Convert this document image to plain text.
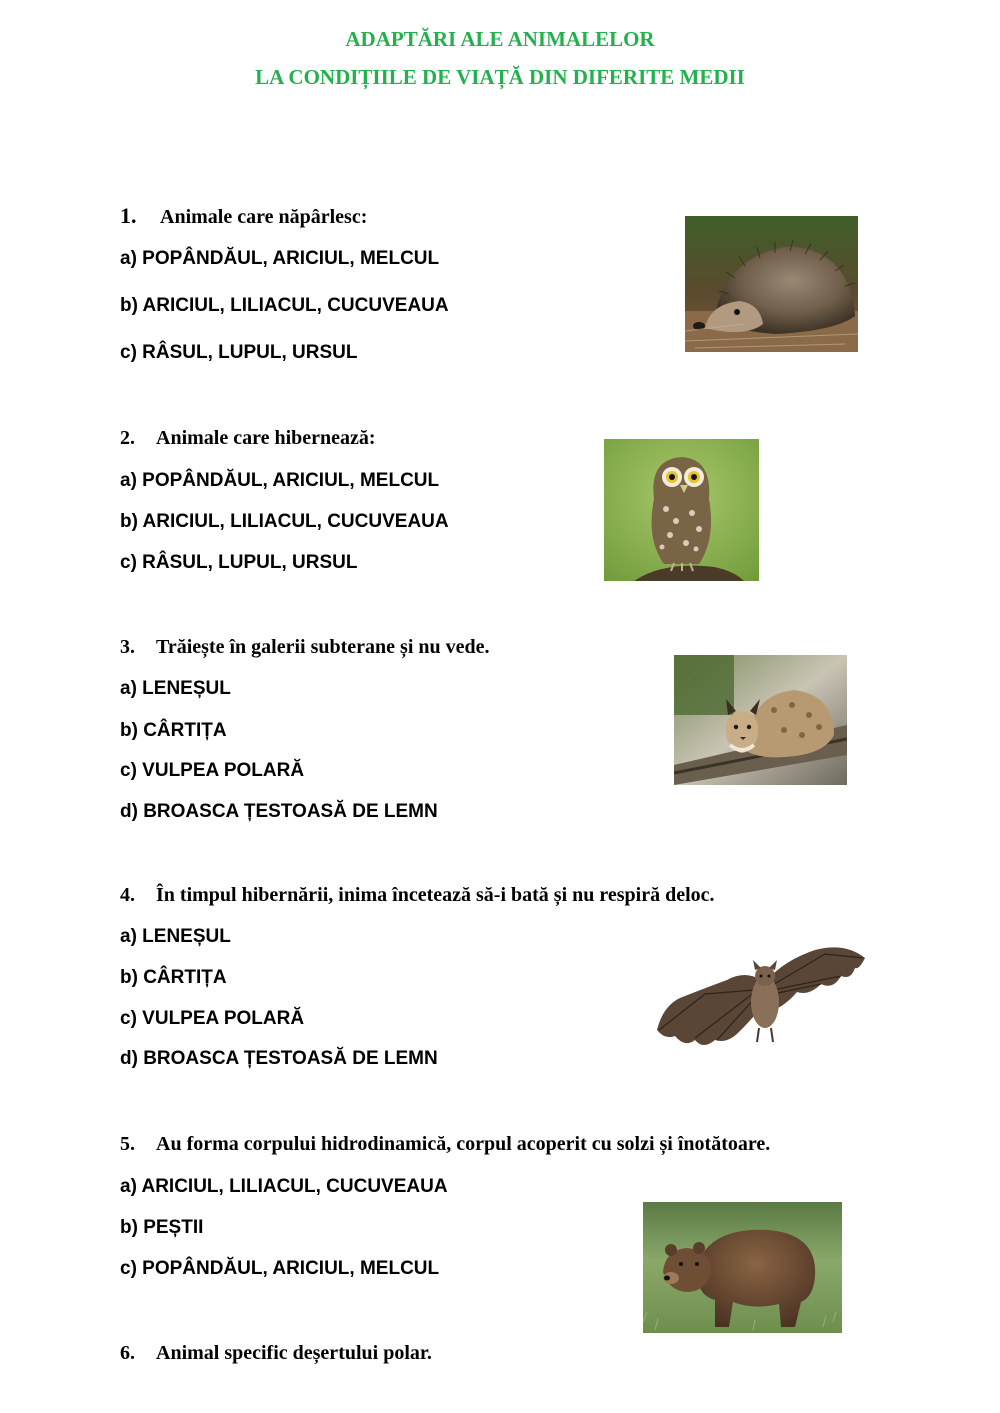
ADAPTĂRI ALE ANIMALELOR
LA CONDIȚIILE DE VIAȚĂ DIN DIFERITE MEDII
1. Animale care năpârlesc:
a) POPÂNDĂUL, ARICIUL, MELCUL
b) ARICIUL, LILIACUL, CUCUVEAUA
c) RÂSUL, LUPUL, URSUL
2. Animale care hibernează:
a) POPÂNDĂUL, ARICIUL, MELCUL
b) ARICIUL, LILIACUL, CUCUVEAUA
c) RÂSUL, LUPUL, URSUL
3. Trăiește în galerii subterane și nu vede.
a) LENEȘUL
b) CÂRTIȚA
c) VULPEA POLARĂ
d) BROASCA ȚESTOASĂ DE LEMN
4. În timpul hibernării, inima încetează să-i bată și nu respiră deloc.
a) LENEȘUL
b) CÂRTIȚA
c) VULPEA POLARĂ
d) BROASCA ȚESTOASĂ DE LEMN
5. Au forma corpului hidrodinamică, corpul acoperit cu solzi și înotătoare.
a) ARICIUL, LILIACUL, CUCUVEAUA
b) PEȘTII
c) POPÂNDĂUL, ARICIUL, MELCUL
6. Animal specific deșertului polar.
